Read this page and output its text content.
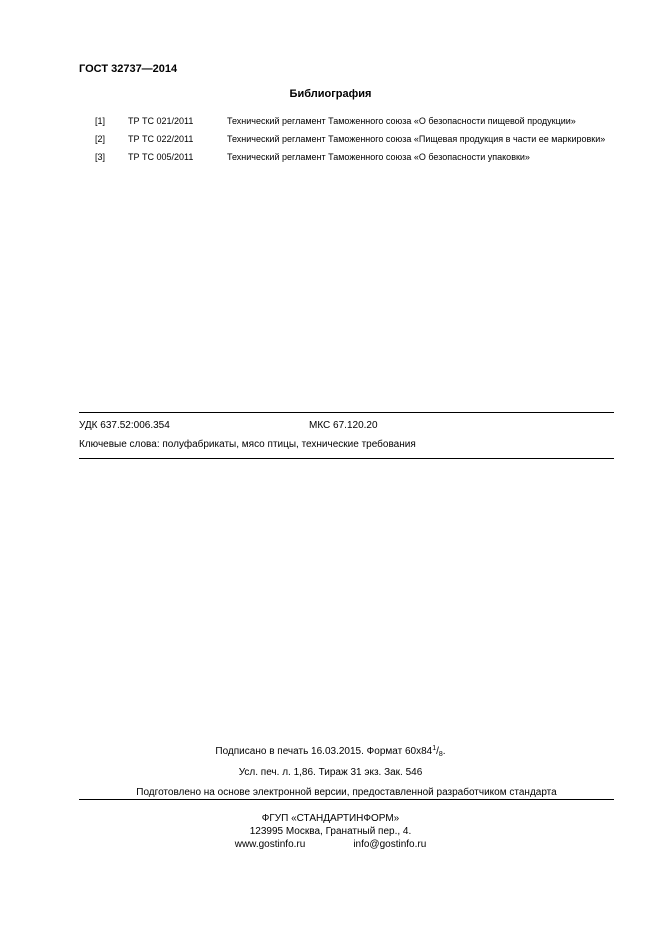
ГОСТ 32737—2014
Библиография
[1]	ТР ТС 021/2011	Технический регламент Таможенного союза «О безопасности пищевой продукции»
[2]	ТР ТС 022/2011	Технический регламент Таможенного союза «Пищевая продукция в части ее маркировки»
[3]	ТР ТС 005/2011	Технический регламент Таможенного союза «О безопасности упаковки»
УДК 637.52:006.354	МКС 67.120.20
Ключевые слова: полуфабрикаты, мясо птицы, технические требования
Подписано в печать 16.03.2015. Формат $60x84^1/_8$.
Усл. печ. л. 1,86. Тираж 31 экз. Зак. 546
Подготовлено на основе электронной версии, предоставленной разработчиком стандарта
ФГУП «СТАНДАРТИНФОРМ»
123995 Москва, Гранатный пер., 4.
www.gostinfo.ru	info@gostinfo.ru
